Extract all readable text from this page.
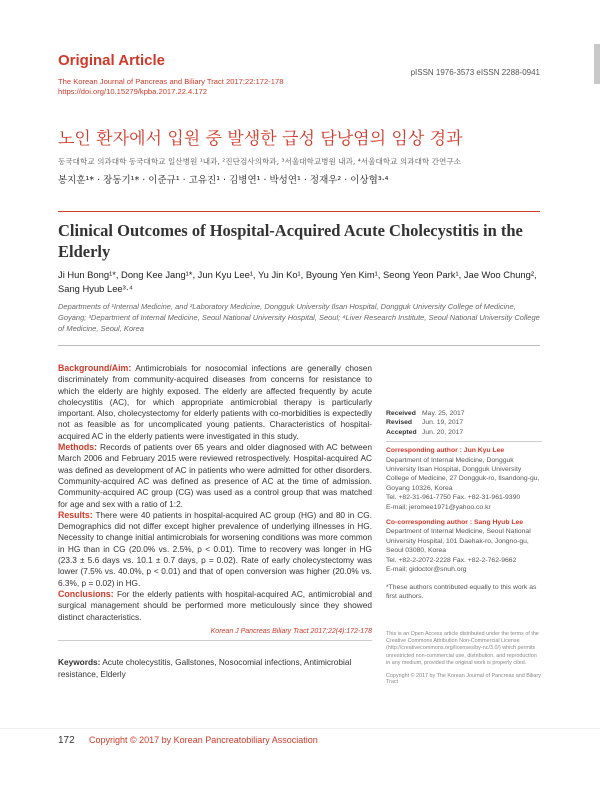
Original Article
The Korean Journal of Pancreas and Biliary Tract 2017;22:172-178
https://doi.org/10.15279/kpba.2017.22.4.172
pISSN 1976-3573 eISSN 2288-0941
노인 환자에서 입원 중 발생한 급성 담낭염의 임상 경과
동국대학교 의과대학 동국대학교 일산병원 ¹내과, ²진단검사의학과, ³서울대학교병원 내과, ⁴서울대학교 의과대학 간연구소
봉지훈¹* · 장동기¹* · 이준규¹ · 고유진¹ · 김병연¹ · 박성연¹ · 정재우² · 이상협³·⁴
Clinical Outcomes of Hospital-Acquired Acute Cholecystitis in the Elderly
Ji Hun Bong¹*, Dong Kee Jang¹*, Jun Kyu Lee¹, Yu Jin Ko¹, Byoung Yen Kim¹, Seong Yeon Park¹, Jae Woo Chung², Sang Hyub Lee³·⁴
Departments of ¹Internal Medicine, and ²Laboratory Medicine, Dongguk University Ilsan Hospital, Dongguk University College of Medicine, Goyang; ³Department of Internal Medicine, Seoul National University Hospital, Seoul; ⁴Liver Research Institute, Seoul National University College of Medicine, Seoul, Korea
Background/Aim: Antimicrobials for nosocomial infections are generally chosen discriminately from community-acquired diseases from concerns for resistance to which the elderly are highly exposed. The elderly are affected frequently by acute cholecystitis (AC), for which appropriate antimicrobial therapy is particularly important. Also, cholecystectomy for elderly patients with co-morbidities is expectedly not as feasible as for uncomplicated young patients. Characteristics of hospital-acquired AC in the elderly patients were investigated in this study.
Methods: Records of patients over 65 years and older diagnosed with AC between March 2006 and February 2015 were reviewed retrospectively. Hospital-acquired AC was defined as development of AC in patients who were admitted for other disorders. Community-acquired AC was defined as presence of AC at the time of admission. Community-acquired AC group (CG) was used as a control group that was matched for age and sex with a ratio of 1:2.
Results: There were 40 patients in hospital-acquired AC group (HG) and 80 in CG. Demographics did not differ except higher prevalence of underlying illnesses in HG. Necessity to change initial antimicrobials for worsening conditions was more common in HG than in CG (20.0% vs. 2.5%, p < 0.01). Time to recovery was longer in HG (23.3 ± 5.6 days vs. 10.1 ± 0.7 days, p = 0.02). Rate of early cholecystectomy was lower (7.5% vs. 40.0%, p < 0.01) and that of open conversion was higher (20.0% vs. 6.3%, p = 0.02) in HG.
Conclusions: For the elderly patients with hospital-acquired AC, antimicrobial and surgical management should be performed more meticulously since they showed distinct characteristics.
Korean J Pancreas Biliary Tract 2017;22(4):172-178
Keywords: Acute cholecystitis, Gallstones, Nosocomial infections, Antimicrobial resistance, Elderly
Received May. 25, 2017
Revised	Jun. 19, 2017
Accepted Jun. 20, 2017

Corresponding author : Jun Kyu Lee

Department of Internal Medicine, Dongguk University Ilsan Hospital, Dongguk University College of Medicine, 27 Dongguk-ro, Ilsandong-gu, Goyang 10326, Korea

Tel. +82-31-961-7750 Fax. +82-31-961-9390

E-mail; jeromee1971@yahoo.co.kr

Co-corresponding author : Sang Hyub Lee

Department of Internal Medicine, Seoul National University Hospital, 101 Daehak-ro, Jongno-gu, Seoul 03080, Korea

Tel. +82-2-2072-2228 Fax. +82-2-762-9662

E-mail; gidoctor@snuh.org

*These authors contributed equally to this work as first authors.

This is an Open Access article distributed under the terms of the Creative Commons Attribution Non-Commercial License (http://creativecommons.org/licenses/by-nc/3.0/) which permits unrestricted non-commercial use, distribution, and reproduction in any medium, provided the original work is properly cited.
Copyright © 2017 by The Korean Journal of Pancreas and Biliary Tract
172 Copyright © 2017 by Korean Pancreatobiliary Association
